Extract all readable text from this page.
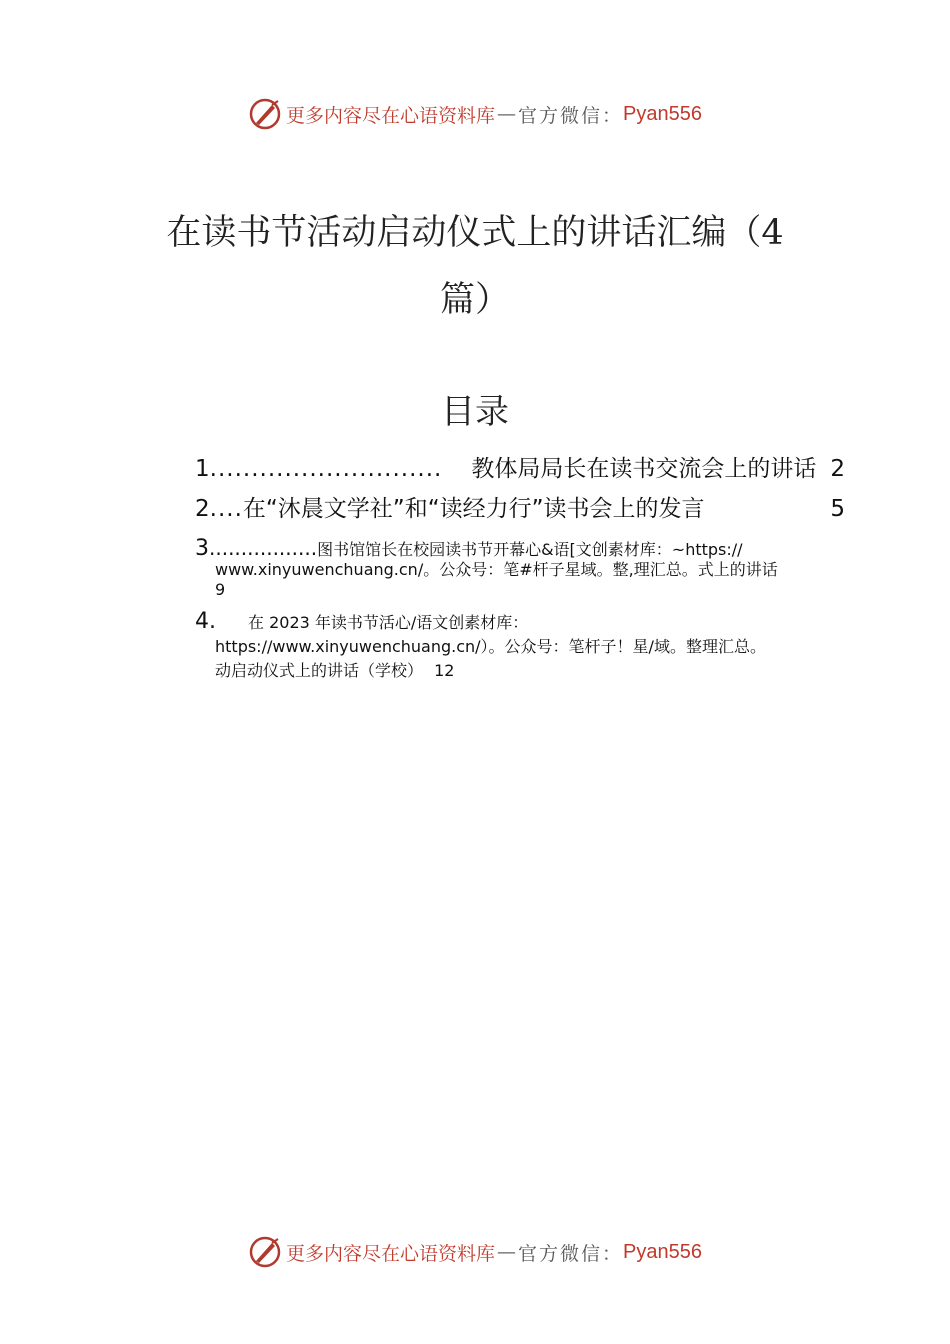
更多内容尽在心语资料库 — 官方微信： Pyan556
在读书节活动启动仪式上的讲话汇编（4
篇）
目录
1 ............................	教体局局长在读书交流会上的讲话 2
2 .... 在“沐晨文学社”和“读经力行”读书会上的发言	5
3.................图书馆馆长在校园读书节开幕心&语[文创素材库：~https://
www.xinyuwenchuang.cn/。公众号：笔#杆子星域。整,理汇总。式上的讲话
9
4. 在 2023 年读书节活心/语文创素材库：
https://www.xinyuwenchuang.cn/）。公众号：笔杆子！星/域。整理汇总。
动启动仪式上的讲话（学校） 12
更多内容尽在心语资料库 — 官方微信： Pyan556
